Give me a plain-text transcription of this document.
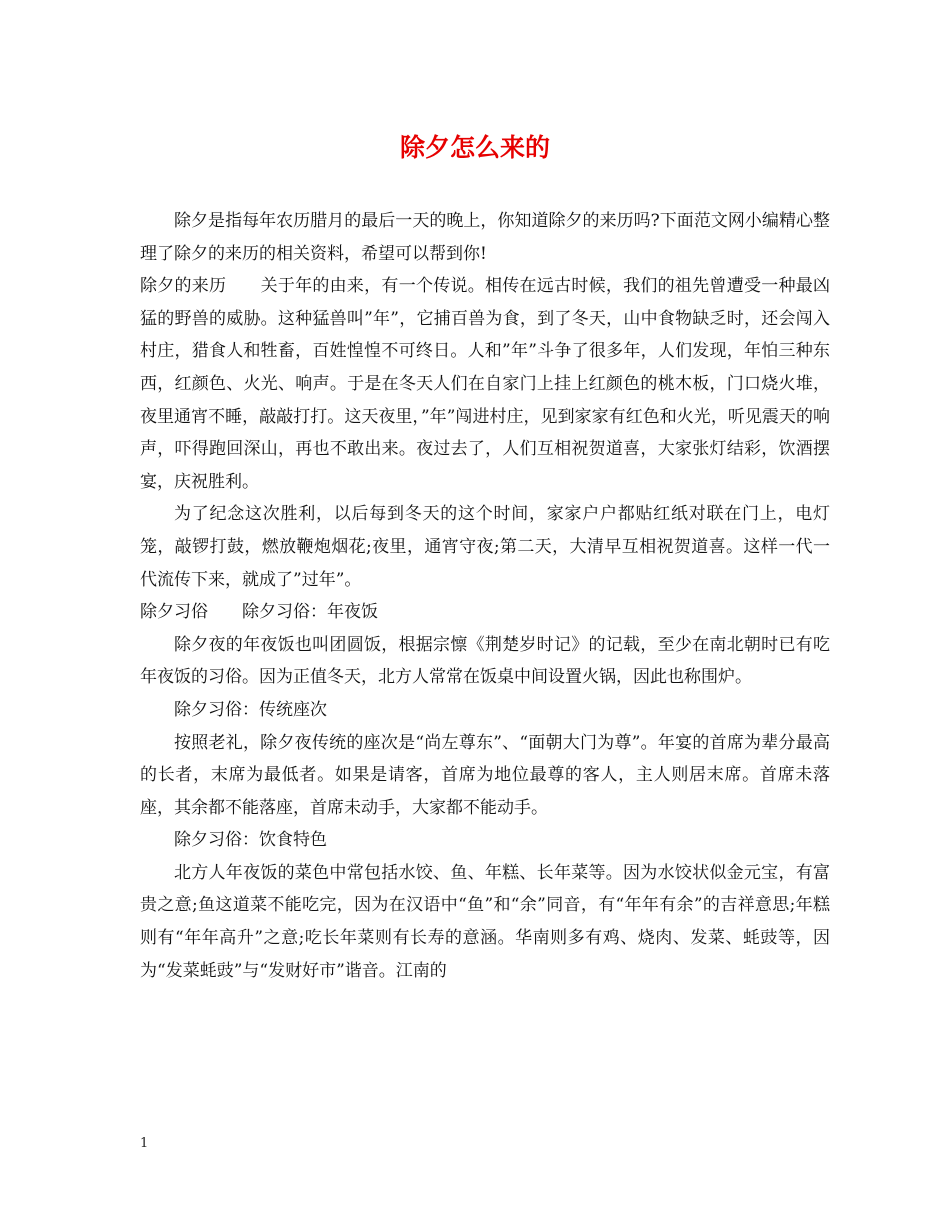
除夕怎么来的

除夕是指每年农历腊月的最后一天的晚上，你知道除夕的来历吗?下面范文网小编精心整理了除夕的来历的相关资料，希望可以帮到你!

除夕的来历 关于年的由来，有一个传说。相传在远古时候，我们的祖先曾遭受一种最凶猛的野兽的威胁。这种猛兽叫”年”，它捕百兽为食，到了冬天，山中食物缺乏时，还会闯入村庄，猎食人和牲畜，百姓惶惶不可终日。人和”年”斗争了很多年，人们发现，年怕三种东西，红颜色、火光、响声。于是在冬天人们在自家门上挂上红颜色的桃木板，门口烧火堆，夜里通宵不睡，敲敲打打。这天夜里，”年”闯进村庄，见到家家有红色和火光，听见震天的响声，吓得跑回深山，再也不敢出来。夜过去了，人们互相祝贺道喜，大家张灯结彩，饮酒摆宴，庆祝胜利。

为了纪念这次胜利，以后每到冬天的这个时间，家家户户都贴红纸对联在门上，电灯笼，敲锣打鼓，燃放鞭炮烟花;夜里，通宵守夜;第二天，大清早互相祝贺道喜。这样一代一代流传下来，就成了”过年”。

除夕习俗 除夕习俗：年夜饭

除夕夜的年夜饭也叫团圆饭，根据宗懔《荆楚岁时记》的记载，至少在南北朝时已有吃年夜饭的习俗。因为正值冬天，北方人常常在饭桌中间设置火锅，因此也称围炉。

除夕习俗：传统座次

按照老礼，除夕夜传统的座次是“尚左尊东”、“面朝大门为尊”。年宴的首席为辈分最高的长者，末席为最低者。如果是请客，首席为地位最尊的客人，主人则居末席。首席未落座，其余都不能落座，首席未动手，大家都不能动手。

除夕习俗：饮食特色

北方人年夜饭的菜色中常包括水饺、鱼、年糕、长年菜等。因为水饺状似金元宝，有富贵之意;鱼这道菜不能吃完，因为在汉语中“鱼”和“余”同音，有“年年有余”的吉祥意思;年糕则有“年年高升”之意;吃长年菜则有长寿的意涵。华南则多有鸡、烧肉、发菜、蚝豉等，因为“发菜蚝豉”与“发财好市”谐音。江南的

1
